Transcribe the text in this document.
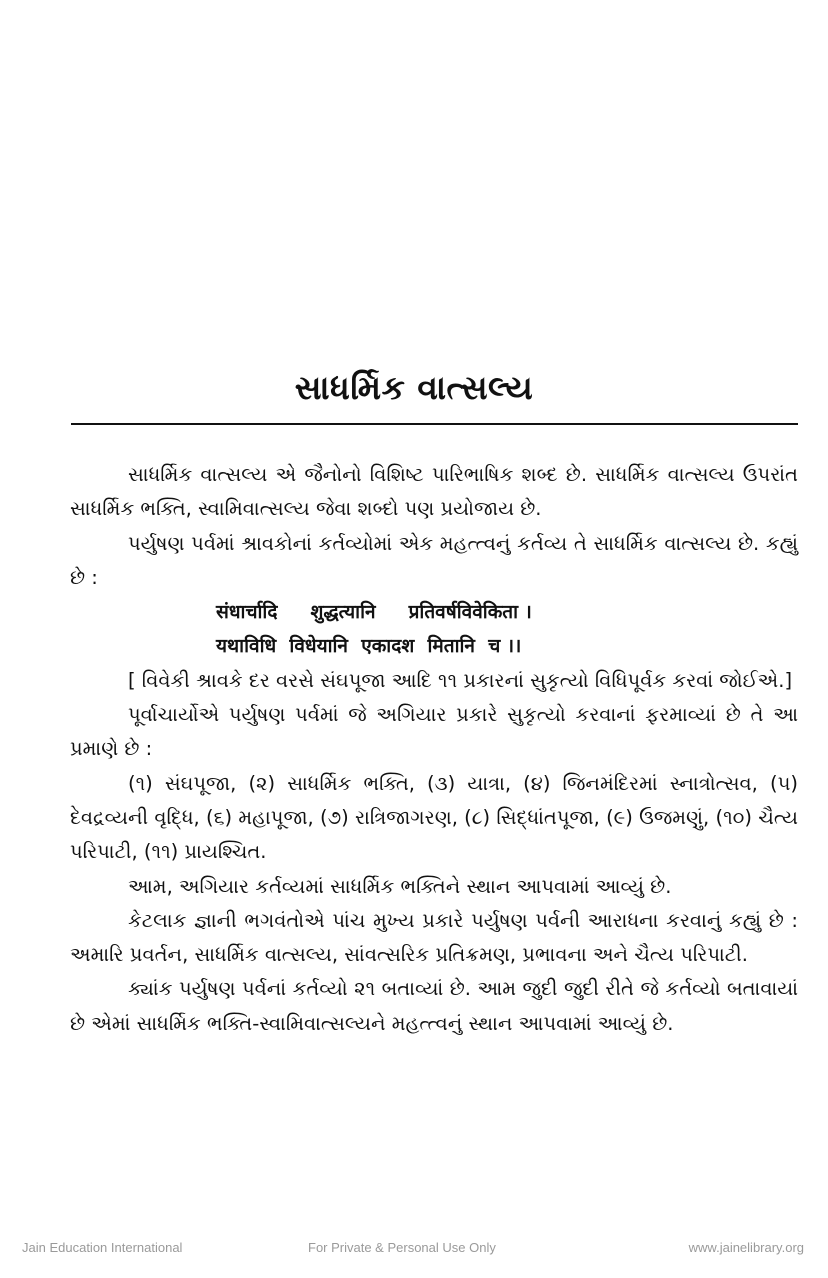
સાધર્મિક વાત્સલ્ય

સાધર્મિક વાત્સલ્ય એ જૈનોનો વિશિષ્ટ પારિભાષિક શબ્દ છે. સાધર્મિક વાત્સલ્ય ઉપરાંત સાધર્મિક ભક્તિ, સ્વામિવાત્સલ્ય જેવા શબ્દો પણ પ્રયોજાય છે.

પર્યુષણ પર્વમાં શ્રાવકોનાં કર્તવ્યોમાં એક મહત્ત્વનું કર્તવ્ય તે સાધર્મિક વાત્સલ્ય છે. કહ્યું છે :

संधार्चादि     शुद्धत्यानि     प्रतिवर्षविवेकिता ।

यथाविधि  विधेयानि  एकादश  मितानि  च ।।

[ વિવેકી શ્રાવકે દર વરસે સંઘપૂજા આદિ ૧૧ પ્રકારનાં સુકૃત્યો વિધિપૂર્વક કરવાં જોઈએ.]

પૂર્વાચાર્યોએ પર્યુષણ પર્વમાં જે અગિયાર પ્રકારે સુકૃત્યો કરવાનાં ફરમાવ્યાં છે તે આ પ્રમાણે છે :

(૧) સંઘપૂજા, (૨) સાધર્મિક ભક્તિ, (૩) યાત્રા, (૪) જિનમંદિરમાં સ્નાત્રોત્સવ, (૫) દેવદ્રવ્યની વૃદ્ધિ, (૬) મહાપૂજા, (૭) રાત્રિજાગરણ, (૮) સિદ્ધાંતપૂજા, (૯) ઉજમણું, (૧૦) ચૈત્ય પરિપાટી, (૧૧) પ્રાયશ્ચિત.

આમ, અગિયાર કર્તવ્યમાં સાધર્મિક ભક્તિને સ્થાન આપવામાં આવ્યું છે.

કેટલાક જ્ઞાની ભગવંતોએ પાંચ મુખ્ય પ્રકારે પર્યુષણ પર્વની આરાધના કરવાનું કહ્યું છે : અમારિ પ્રવર્તન, સાધર્મિક વાત્સલ્ય, સાંવત્સરિક પ્રતિક્રમણ, પ્રભાવના અને ચૈત્ય પરિપાટી.

ક્યાંક પર્યુષણ પર્વનાં કર્તવ્યો ૨૧ બતાવ્યાં છે. આમ જુદી જુદી રીતે જે કર્તવ્યો બતાવાયાં છે એમાં સાધર્મિક ભક્તિ-સ્વામિવાત્સલ્યને મહત્ત્વનું સ્થાન આપવામાં આવ્યું છે.

Jain Education International	For Private & Personal Use Only	www.jainelibrary.org
